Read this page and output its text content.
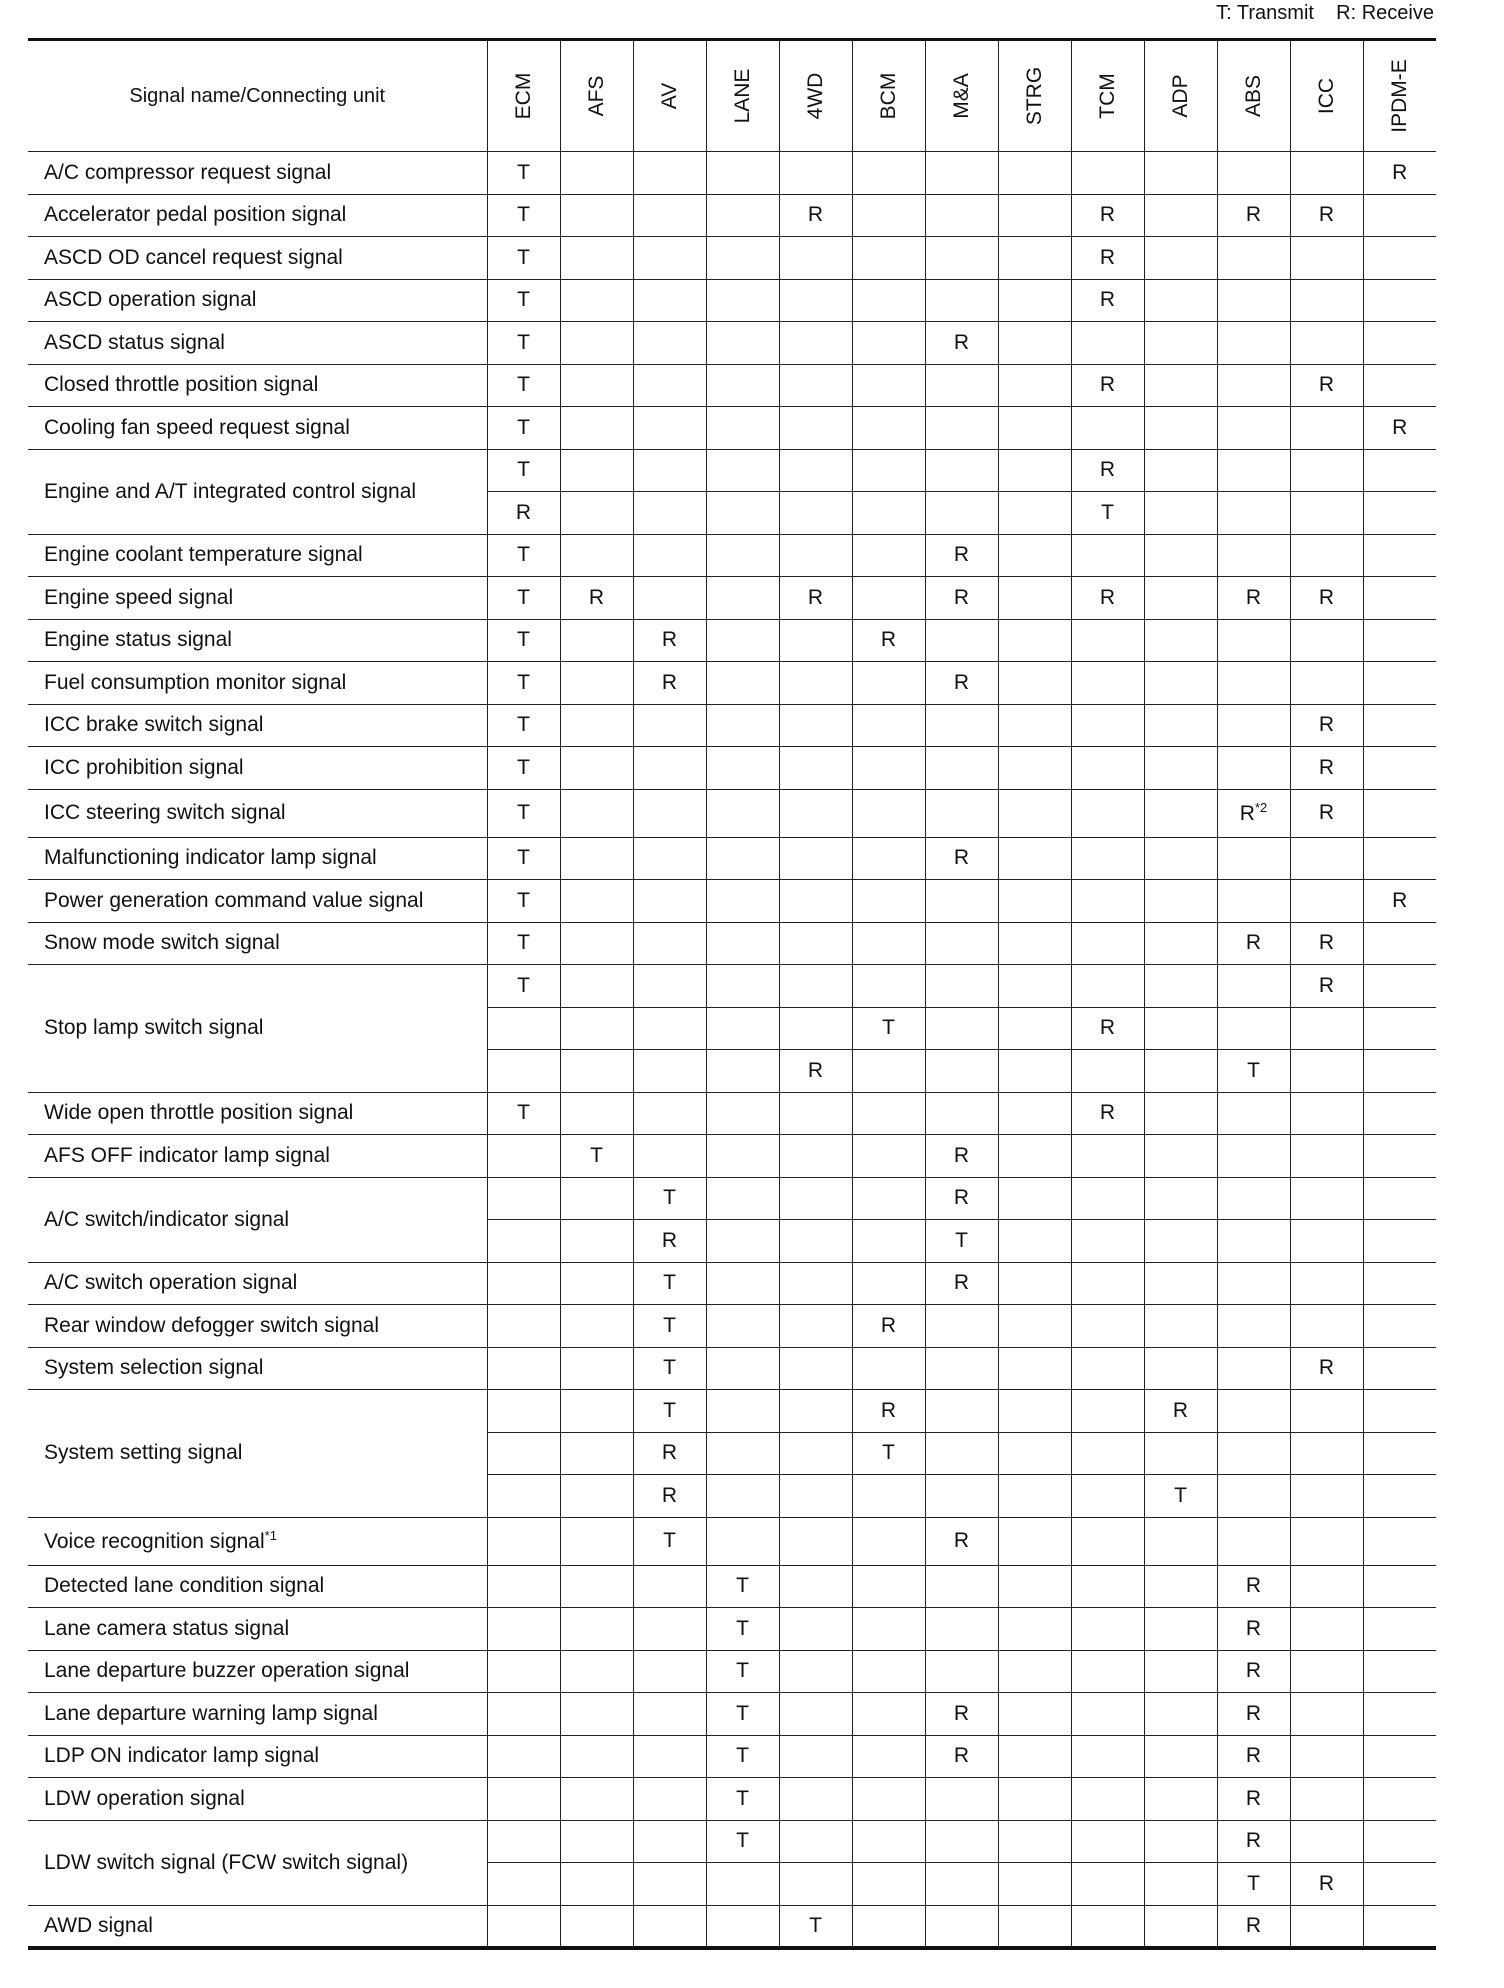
T: Transmit    R: Receive
Signal name/Connecting unit	ECM	AFS	AV	LANE	4WD	BCM	M&A	STRG	TCM	ADP	ABS	ICC	IPDM-E

A/C compressor request signal	T												R
Accelerator pedal position signal	T				R				R		R	R	
ASCD OD cancel request signal	T								R				
ASCD operation signal	T								R				
ASCD status signal	T						R						
Closed throttle position signal	T								R			R	
Cooling fan speed request signal	T												R
Engine and A/T integrated control signal	T								R				
	R								T				
Engine coolant temperature signal	T						R						
Engine speed signal	T	R			R		R		R		R	R	
Engine status signal	T		R			R							
Fuel consumption monitor signal	T		R				R						
ICC brake switch signal	T											R	
ICC prohibition signal	T											R	
ICC steering switch signal	T										$R^{*2}$	R	
Malfunctioning indicator lamp signal	T						R						
Power generation command value signal	T												R
Snow mode switch signal	T										R	R	
Stop lamp switch signal	T											R	
						T			R				
					R						T		
Wide open throttle position signal	T								R				
AFS OFF indicator lamp signal		T					R						
A/C switch/indicator signal			T				R						
			R				T						
A/C switch operation signal			T				R						
Rear window defogger switch signal			T			R							
System selection signal			T									R	
System setting signal			T			R				R			
			R			T							
			R							T			
Voice recognition signal$^{*1}$			T				R						
Detected lane condition signal				T							R		
Lane camera status signal				T							R		
Lane departure buzzer operation signal				T							R		
Lane departure warning lamp signal				T			R				R		
LDP ON indicator lamp signal				T			R				R		
LDW operation signal				T							R		
LDW switch signal (FCW switch signal)				T							R		
											T	R	
AWD signal					T						R		
